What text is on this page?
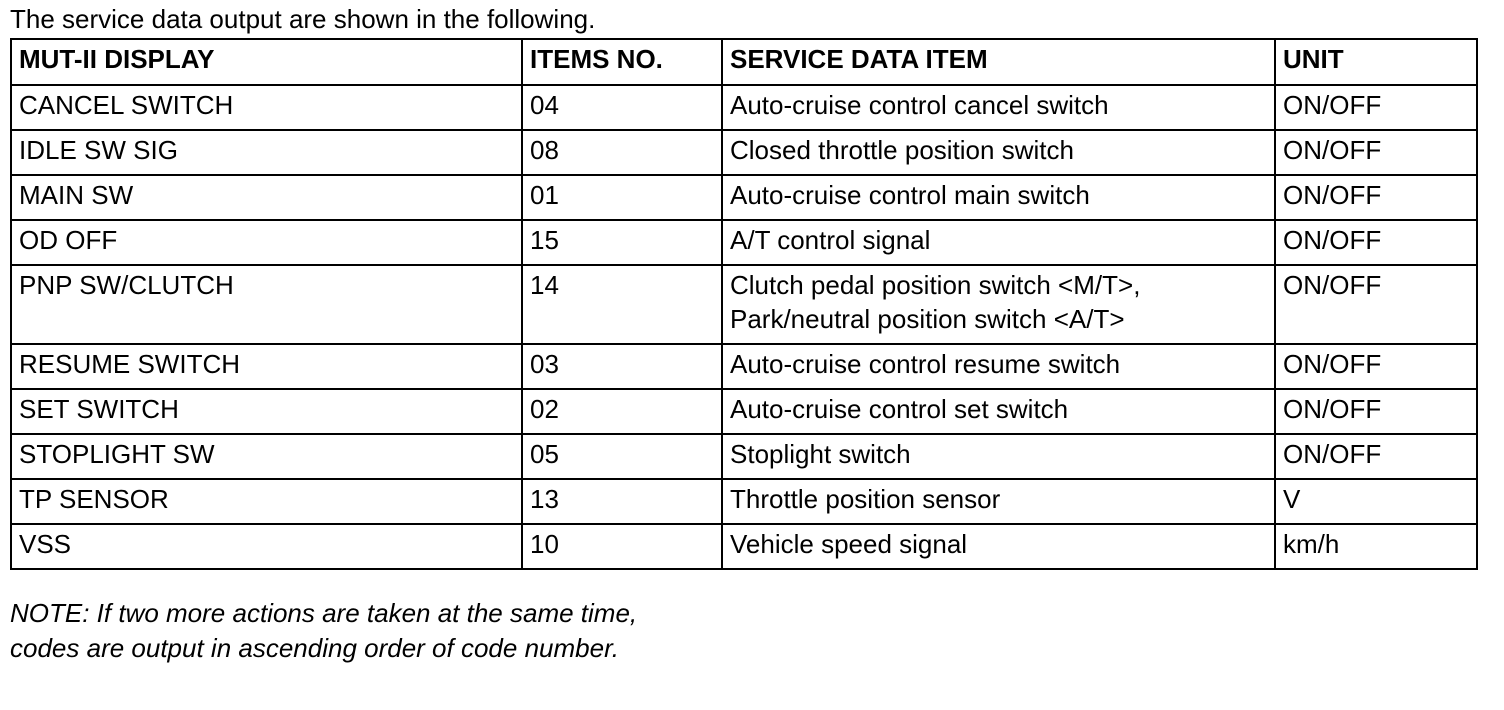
The service data output are shown in the following.
MUT-II DISPLAY	ITEMS NO.	SERVICE DATA ITEM	UNIT
CANCEL SWITCH	04	Auto-cruise control cancel switch	ON/OFF
IDLE SW SIG	08	Closed throttle position switch	ON/OFF
MAIN SW	01	Auto-cruise control main switch	ON/OFF
OD OFF	15	A/T control signal	ON/OFF
PNP SW/CLUTCH	14	Clutch pedal position switch <M/T>,
Park/neutral position switch <A/T>	ON/OFF
RESUME SWITCH	03	Auto-cruise control resume switch	ON/OFF
SET SWITCH	02	Auto-cruise control set switch	ON/OFF
STOPLIGHT SW	05	Stoplight switch	ON/OFF
TP SENSOR	13	Throttle position sensor	V
VSS	10	Vehicle speed signal	km/h
NOTE: If two more actions are taken at the same time, codes are output in ascending order of code number.
